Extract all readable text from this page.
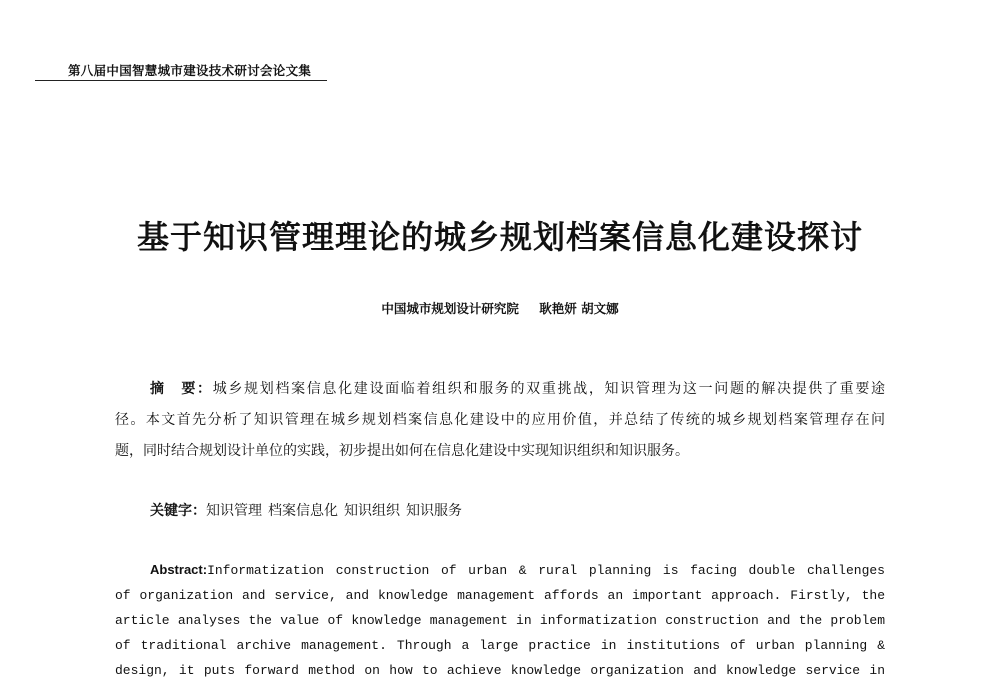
第八届中国智慧城市建设技术研讨会论文集
基于知识管理理论的城乡规划档案信息化建设探讨
中国城市规划设计研究院 耿艳妍 胡文娜
摘　要：城乡规划档案信息化建设面临着组织和服务的双重挑战，知识管理为这一问题的解决提供了重要途
径。本文首先分析了知识管理在城乡规划档案信息化建设中的应用价值，并总结了传统的城乡规划档案管理存在问
题，同时结合规划设计单位的实践，初步提出如何在信息化建设中实现知识组织和知识服务。
关键字：知识管理 档案信息化 知识组织 知识服务
Abstract:Informatization construction of urban & rural planning is facing double challenges
of organization and service, and knowledge management affords an important approach. Firstly, the
article analyses the value of knowledge management in informatization construction and the problem
of traditional archive management. Through a large practice in institutions of urban planning &
design, it puts forward method on how to achieve knowledge organization and knowledge service in
